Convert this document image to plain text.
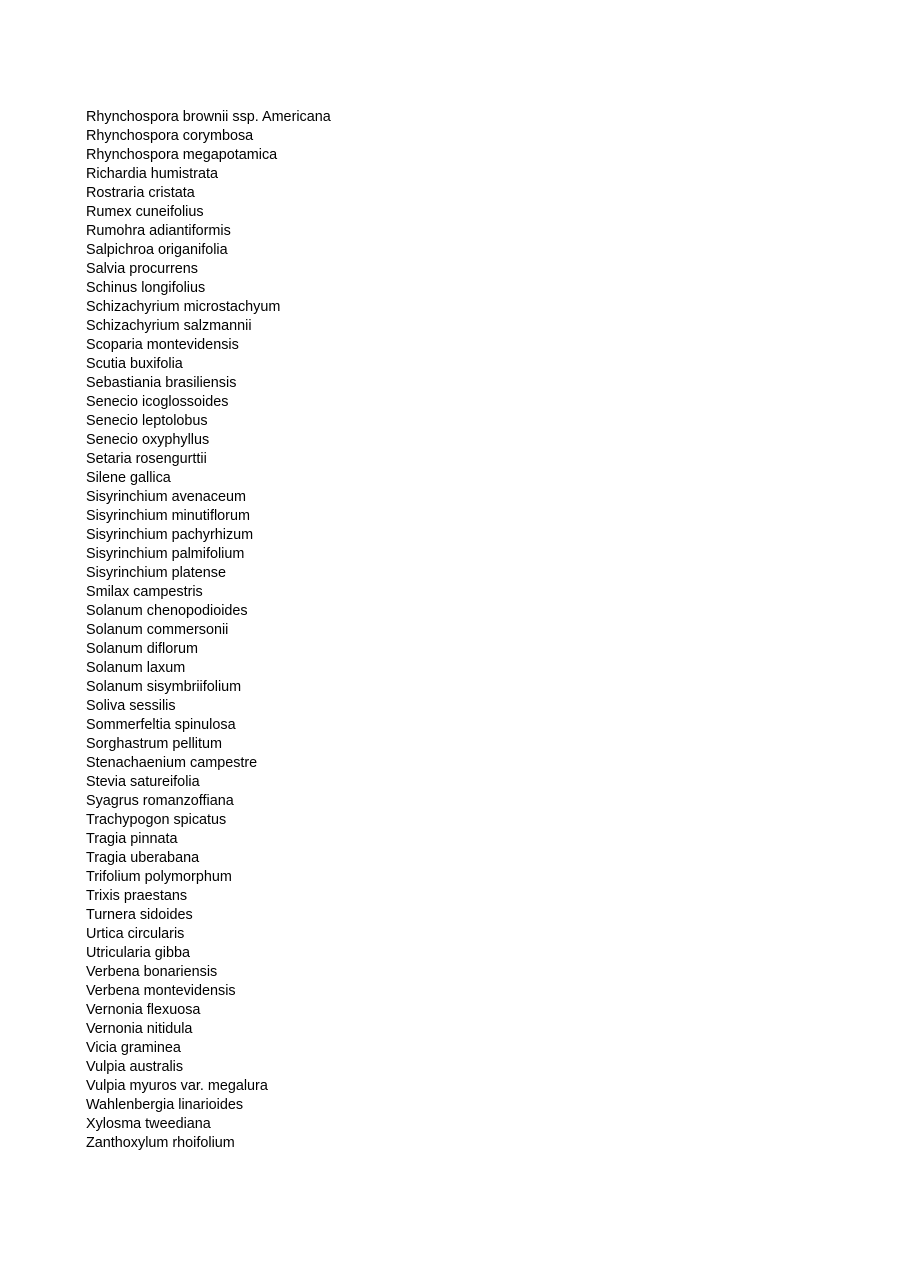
Rhynchospora brownii ssp. Americana
Rhynchospora corymbosa
Rhynchospora megapotamica
Richardia humistrata
Rostraria cristata
Rumex cuneifolius
Rumohra adiantiformis
Salpichroa origanifolia
Salvia procurrens
Schinus longifolius
Schizachyrium microstachyum
Schizachyrium salzmannii
Scoparia montevidensis
Scutia buxifolia
Sebastiania brasiliensis
Senecio icoglossoides
Senecio leptolobus
Senecio oxyphyllus
Setaria rosengurttii
Silene gallica
Sisyrinchium avenaceum
Sisyrinchium minutiflorum
Sisyrinchium pachyrhizum
Sisyrinchium palmifolium
Sisyrinchium platense
Smilax campestris
Solanum chenopodioides
Solanum commersonii
Solanum diflorum
Solanum laxum
Solanum sisymbriifolium
Soliva sessilis
Sommerfeltia spinulosa
Sorghastrum pellitum
Stenachaenium campestre
Stevia satureifolia
Syagrus romanzoffiana
Trachypogon spicatus
Tragia pinnata
Tragia uberabana
Trifolium polymorphum
Trixis praestans
Turnera sidoides
Urtica circularis
Utricularia gibba
Verbena bonariensis
Verbena montevidensis
Vernonia flexuosa
Vernonia nitidula
Vicia graminea
Vulpia australis
Vulpia myuros var. megalura
Wahlenbergia linarioides
Xylosma tweediana
Zanthoxylum rhoifolium
